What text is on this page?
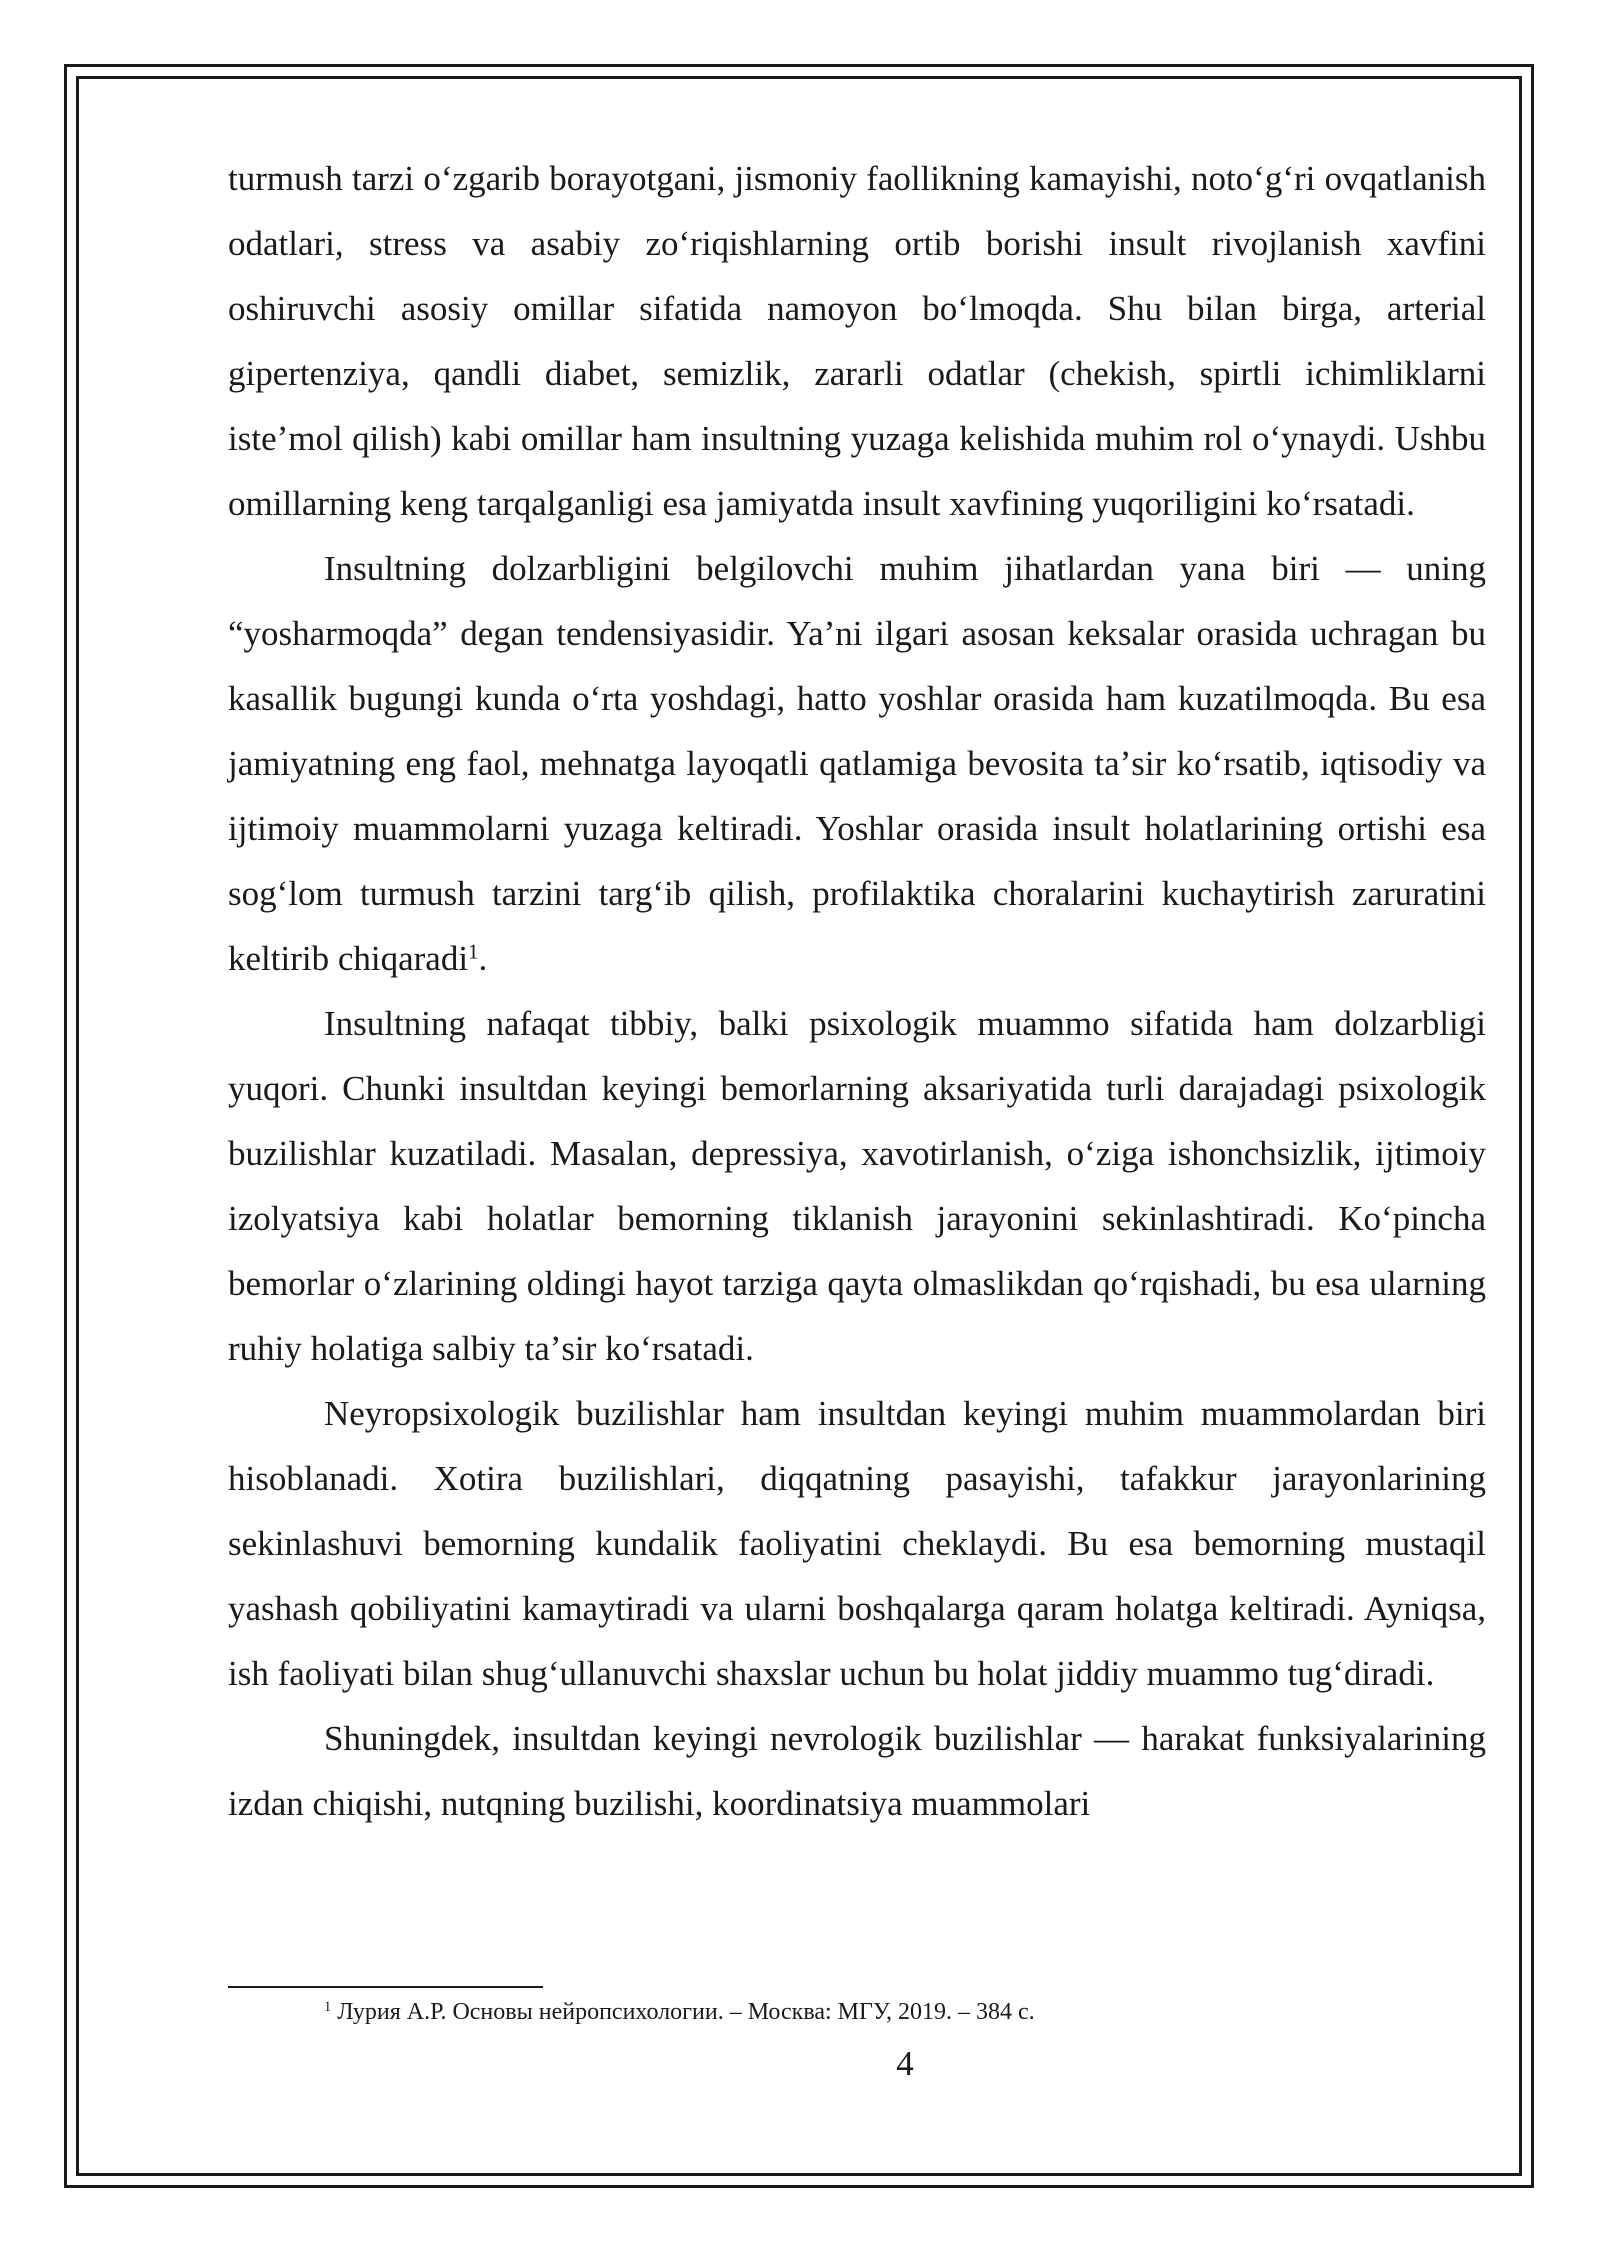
turmush tarzi oʻzgarib borayotgani, jismoniy faollikning kamayishi, notoʻgʻri ovqatlanish odatlari, stress va asabiy zoʻriqishlarning ortib borishi insult rivojlanish xavfini oshiruvchi asosiy omillar sifatida namoyon boʻlmoqda. Shu bilan birga, arterial gipertenziya, qandli diabet, semizlik, zararli odatlar (chekish, spirtli ichimliklarni isteʼmol qilish) kabi omillar ham insultning yuzaga kelishida muhim rol oʻynaydi. Ushbu omillarning keng tarqalganligi esa jamiyatda insult xavfining yuqoriligini koʻrsatadi.

Insultning dolzarbligini belgilovchi muhim jihatlardan yana biri — uning “yosharmoqda” degan tendensiyasidir. Yaʼni ilgari asosan keksalar orasida uchragan bu kasallik bugungi kunda oʻrta yoshdagi, hatto yoshlar orasida ham kuzatilmoqda. Bu esa jamiyatning eng faol, mehnatga layoqatli qatlamiga bevosita taʼsir koʻrsatib, iqtisodiy va ijtimoiy muammolarni yuzaga keltiradi. Yoshlar orasida insult holatlarining ortishi esa sogʻlom turmush tarzini targʻib qilish, profilaktika choralarini kuchaytirish zaruratini keltirib chiqaradi$^1$.

Insultning nafaqat tibbiy, balki psixologik muammo sifatida ham dolzarbligi yuqori. Chunki insultdan keyingi bemorlarning aksariyatida turli darajadagi psixologik buzilishlar kuzatiladi. Masalan, depressiya, xavotirlanish, oʻziga ishonchsizlik, ijtimoiy izolyatsiya kabi holatlar bemorning tiklanish jarayonini sekinlashtiradi. Koʻpincha bemorlar oʻzlarining oldingi hayot tarziga qayta olmaslikdan qoʻrqishadi, bu esa ularning ruhiy holatiga salbiy taʼsir koʻrsatadi.

Neyropsixologik buzilishlar ham insultdan keyingi muhim muammolardan biri hisoblanadi. Xotira buzilishlari, diqqatning pasayishi, tafakkur jarayonlarining sekinlashuvi bemorning kundalik faoliyatini cheklaydi. Bu esa bemorning mustaqil yashash qobiliyatini kamaytiradi va ularni boshqalarga qaram holatga keltiradi. Ayniqsa, ish faoliyati bilan shugʻullanuvchi shaxslar uchun bu holat jiddiy muammo tugʻdiradi.

Shuningdek, insultdan keyingi nevrologik buzilishlar — harakat funksiyalarining izdan chiqishi, nutqning buzilishi, koordinatsiya muammolari

$^1$ Лурия А.Р. Основы нейропсихологии. – Москва: МГУ, 2019. – 384 с.
4
